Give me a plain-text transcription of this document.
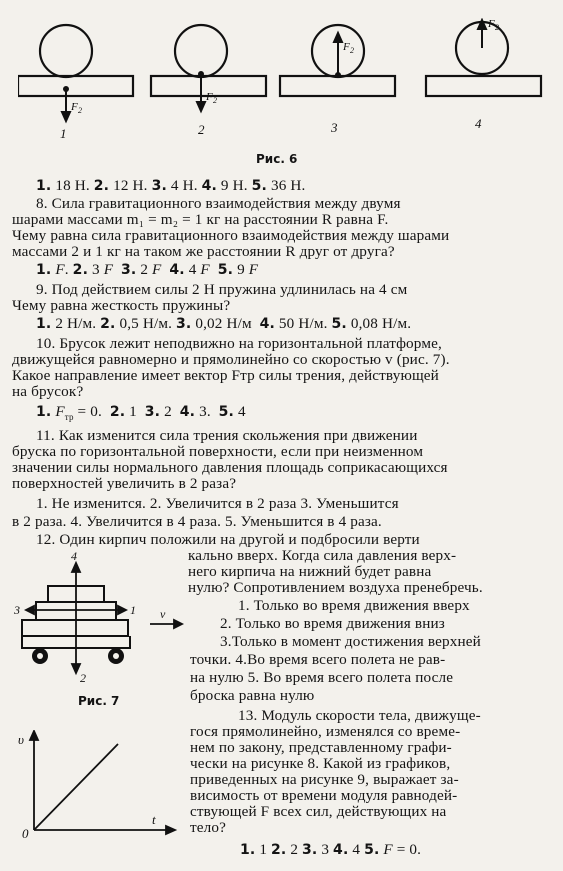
F 2
F 2
F 2
F 2
1	2	3	4
Рис. 6
1. 18 Н. 2. 12 Н. 3. 4 Н. 4. 9 Н. 5. 36 Н.
8. Сила гравитационного взаимодействия между двумя
шарами массами m₁ = m₂ = 1 кг на расстоянии R равна F.
Чему равна сила гравитационного взаимодействия между шарами
массами 2 и 1 кг на таком же расстоянии R друг от друга?
1. F. 2. 3 F 3. 2 F 4. 4 F 5. 9 F
9. Под действием силы 2 Н пружина удлинилась на 4 см
Чему равна жесткость пружины?
1. 2 Н/м. 2. 0,5 Н/м. 3. 0,02 Н/м  4. 50 Н/м. 5. 0,08 Н/м.
10. Брусок лежит неподвижно на горизонтальной платформе,
движущейся равномерно и прямолинейно со скоростью v (рис. 7).
Какое направление имеет вектор Fтр силы трения, действующей
на брусок?
1. $F_{тр} = 0$.  2. 1  3. 2  4. 3.  5. 4
11. Как изменится сила трения скольжения при движении
бруска по горизонтальной поверхности, если при неизменном
значении силы нормального давления площадь соприкасающихся
поверхностей увеличить в 2 раза?
1. Не изменится. 2. Увеличится в 2 раза 3. Уменьшится
в 2 раза. 4. Увеличится в 4 раза. 5. Уменьшится в 4 раза.
12. Один кирпич положили на другой и подбросили верти
кально вверх. Когда сила давления верх-
него кирпича на нижний будет равна
нулю? Сопротивлением воздуха пренебречь.
1. Только во время движения вверх
2. Только во время движения вниз
3.Только в момент достижения верхней
точки. 4.Во время всего полета не рав-
на нулю 5. Во время всего полета после
броска равна нулю
13. Модуль скорости тела, движуще-
гося прямолинейно, изменялся со време-
нем по закону, представленному графи-
чески на рисунке 8. Какой из графиков,
приведенных на рисунке 9, выражает за-
висимость от времени модуля равнодей-
ствующей F всех сил, действующих на
тело?
1. 1 2. 2 3. 3 4. 4 5. F = 0.
4
1
3
2
v
Рис. 7
υ
t
0
